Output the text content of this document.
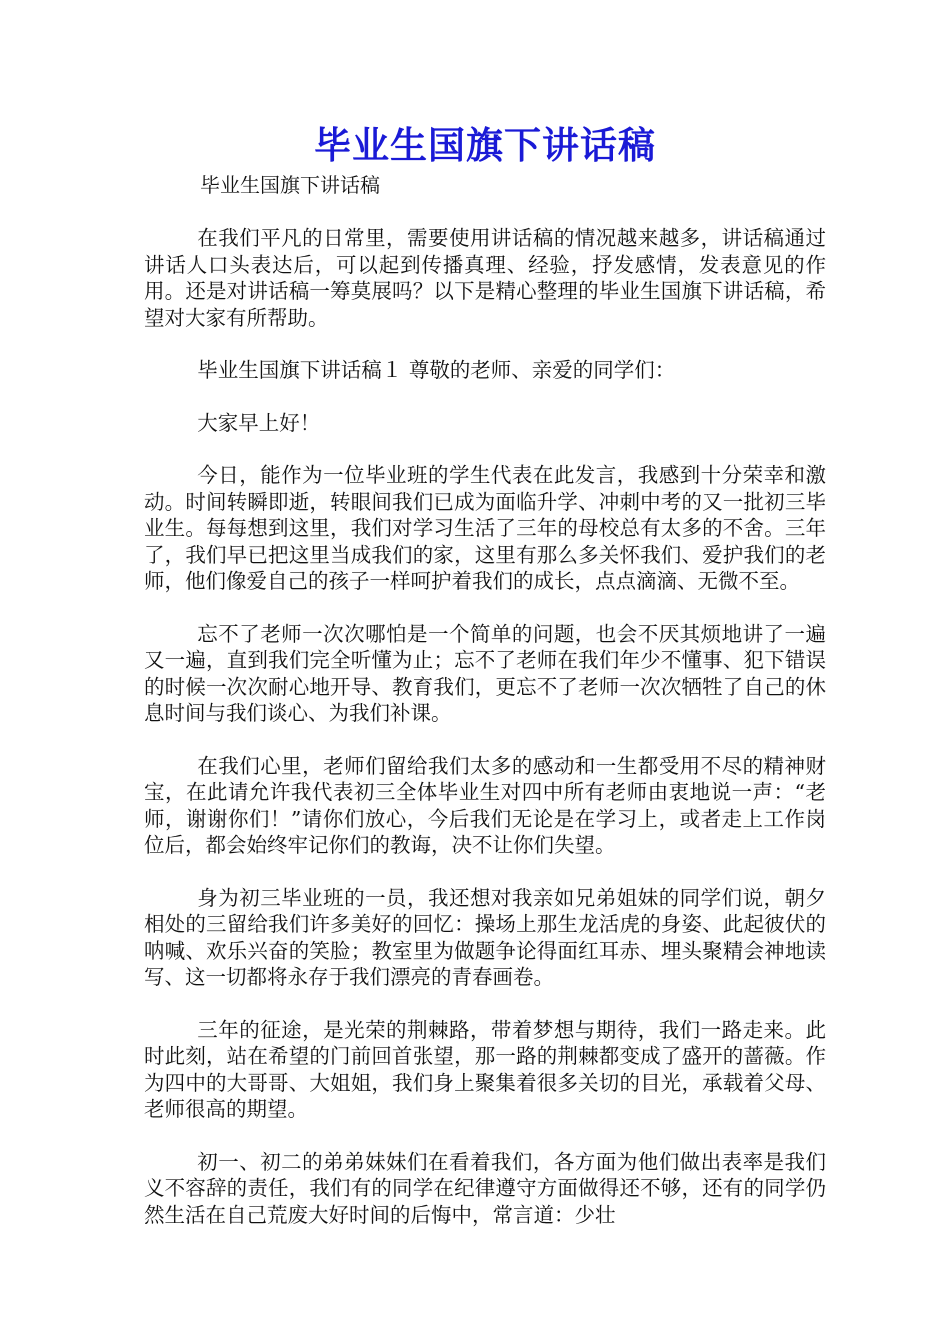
毕业生国旗下讲话稿

毕业生国旗下讲话稿

在我们平凡的日常里，需要使用讲话稿的情况越来越多，讲话稿通过讲话人口头表达后，可以起到传播真理、经验，抒发感情，发表意见的作用。还是对讲话稿一筹莫展吗？以下是精心整理的毕业生国旗下讲话稿，希望对大家有所帮助。

毕业生国旗下讲话稿１ 尊敬的老师、亲爱的同学们：

大家早上好！

今日，能作为一位毕业班的学生代表在此发言，我感到十分荣幸和激动。时间转瞬即逝，转眼间我们已成为面临升学、冲刺中考的又一批初三毕业生。每每想到这里，我们对学习生活了三年的母校总有太多的不舍。三年了，我们早已把这里当成我们的家，这里有那么多关怀我们、爱护我们的老师，他们像爱自己的孩子一样呵护着我们的成长，点点滴滴、无微不至。

忘不了老师一次次哪怕是一个简单的问题，也会不厌其烦地讲了一遍又一遍，直到我们完全听懂为止；忘不了老师在我们年少不懂事、犯下错误的时候一次次耐心地开导、教育我们，更忘不了老师一次次牺牲了自己的休息时间与我们谈心、为我们补课。

在我们心里，老师们留给我们太多的感动和一生都受用不尽的精神财宝，在此请允许我代表初三全体毕业生对四中所有老师由衷地说一声：“老师，谢谢你们！”请你们放心，今后我们无论是在学习上，或者走上工作岗位后，都会始终牢记你们的教诲，决不让你们失望。

身为初三毕业班的一员，我还想对我亲如兄弟姐妹的同学们说，朝夕相处的三留给我们许多美好的回忆：操场上那生龙活虎的身姿、此起彼伏的呐喊、欢乐兴奋的笑脸；教室里为做题争论得面红耳赤、埋头聚精会神地读写、这一切都将永存于我们漂亮的青春画卷。

三年的征途，是光荣的荆棘路，带着梦想与期待，我们一路走来。此时此刻，站在希望的门前回首张望，那一路的荆棘都变成了盛开的蔷薇。作为四中的大哥哥、大姐姐，我们身上聚集着很多关切的目光，承载着父母、老师很高的期望。

初一、初二的弟弟妹妹们在看着我们，各方面为他们做出表率是我们义不容辞的责任，我们有的同学在纪律遵守方面做得还不够，还有的同学仍然生活在自己荒废大好时间的后悔中，常言道：少壮
